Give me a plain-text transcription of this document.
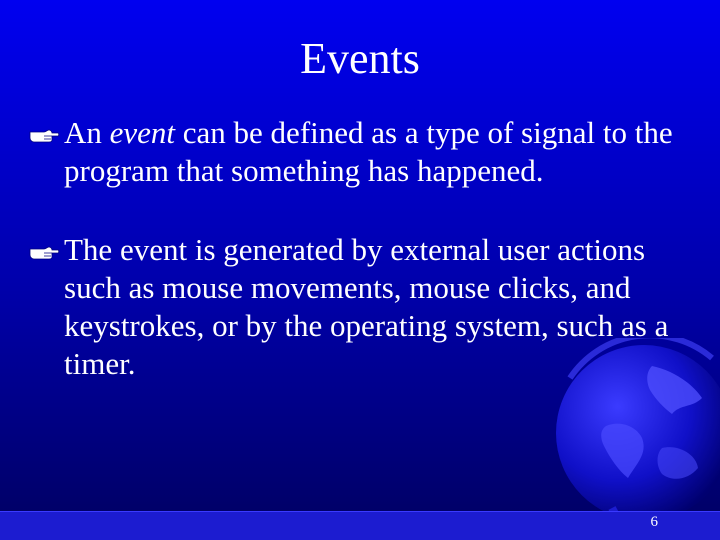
Events
An event can be defined as a type of signal to the program that something has happened.
The event is generated by external user actions such as mouse movements, mouse clicks, and keystrokes, or by the operating system, such as a timer.
6
